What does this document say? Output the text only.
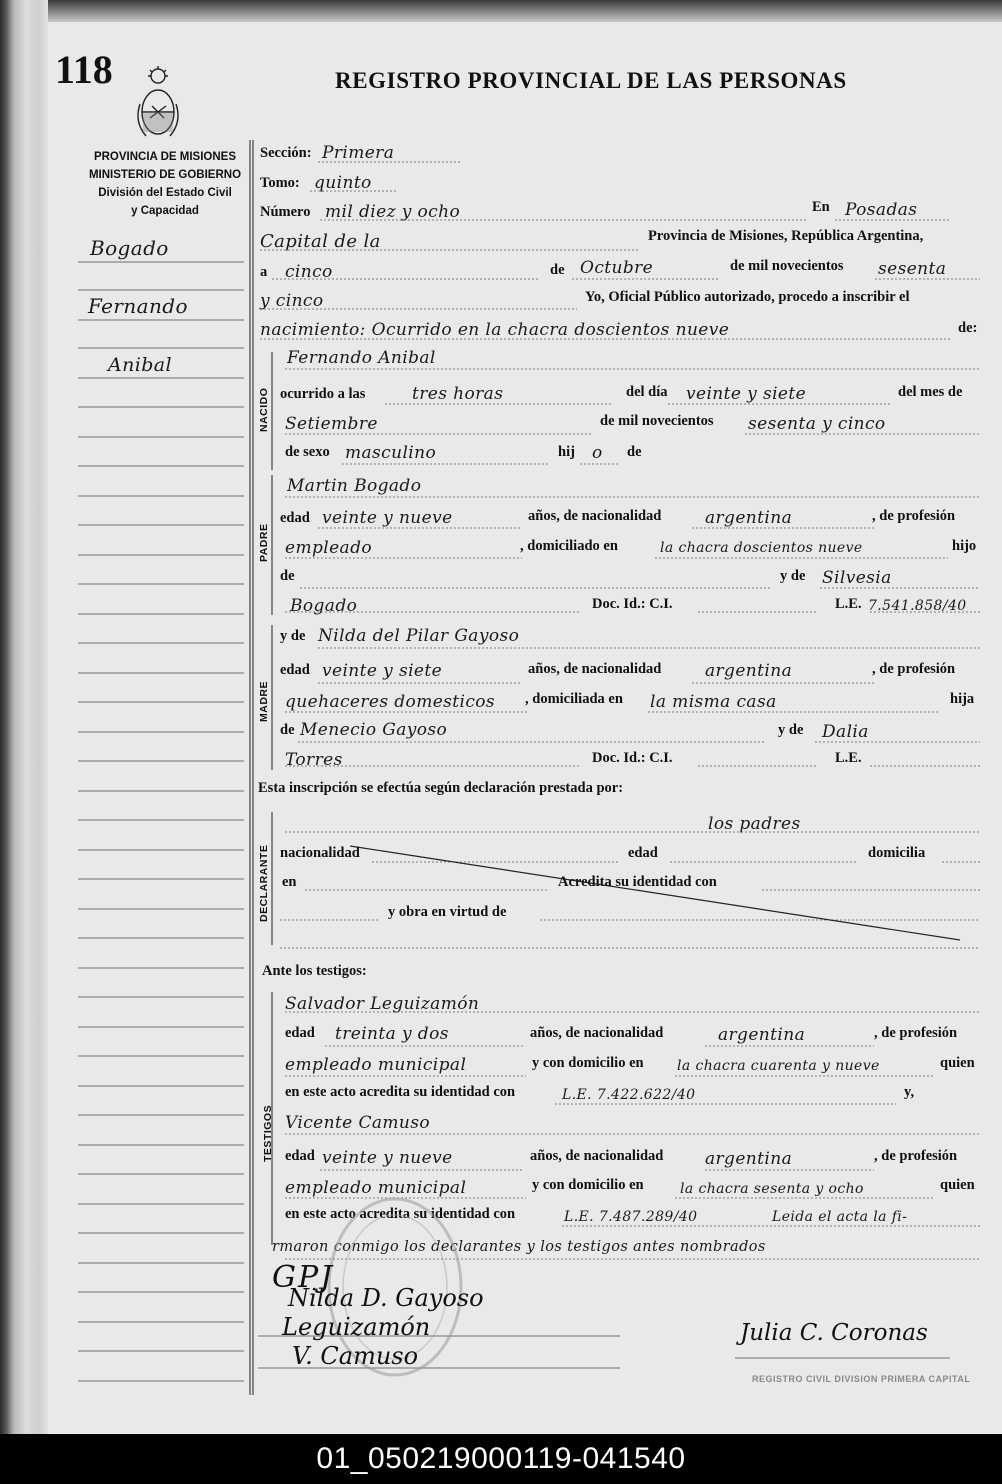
118	REGISTRO PROVINCIAL DE LAS PERSONAS
PROVINCIA DE MISIONES
MINISTERIO DE GOBIERNO
División del Estado Civil
y Capacidad
Bogado
Fernando
Anibal
Sección: Primera
Tomo: quinto
Número mil diez y ocho	En Posadas
Capital de la	Provincia de Misiones, República Argentina,
a cinco	de Octubre	de mil novecientos sesenta
y cinco	Yo, Oficial Público autorizado, procedo a inscribir el
nacimiento: Ocurrido en la chacra doscientos nueve	de:
NACIDO
Fernando Anibal
ocurrido a las	tres horas	del día veinte y siete	del mes de
Setiembre	de mil novecientos sesenta y cinco
de sexo masculino	hij o de
PADRE
Martin Bogado
edad veinte y nueve	años, de nacionalidad	argentina	, de profesión
empleado	, domiciliado en	la chacra doscientos nueve	hijo
de	y de Silvesia
Bogado	Doc. Id.: C.I.	L.E. 7.541.858/40
MADRE
y de Nilda del Pilar Gayoso
edad veinte y siete	años, de nacionalidad	argentina	, de profesión
quehaceres domesticos , domiciliada en la misma casa	hija
de Menecio Gayoso	y de Dalia
Torres	Doc. Id.: C.I.	L.E.
Esta inscripción se efectúa según declaración prestada por:
DECLARANTE
los padres
nacionalidad	edad	domicilia
en	Acredita su identidad con
y obra en virtud de
Ante los testigos:
TESTIGOS
Salvador Leguizamón
edad treinta y dos	años, de nacionalidad	argentina	, de profesión
empleado municipal	y con domicilio en la chacra cuarenta y nueve	quien
en este acto acredita su identidad con	L.E. 7.422.622/40	y,
Vicente Camuso
edad veinte y nueve	años, de nacionalidad argentina	, de profesión
empleado municipal	y con domicilio en	la chacra sesenta y ocho	quien
en este acto acredita su identidad con	L.E. 7.487.289/40	Leida el acta la fi-
rmaron conmigo los declarantes y los testigos antes nombrados
GPJ
Nilda D. Gayoso
Leguizamón
V. Camuso
Julia C. Coronas
REGISTRO CIVIL DIVISION PRIMERA CAPITAL
01_050219000119-041540
